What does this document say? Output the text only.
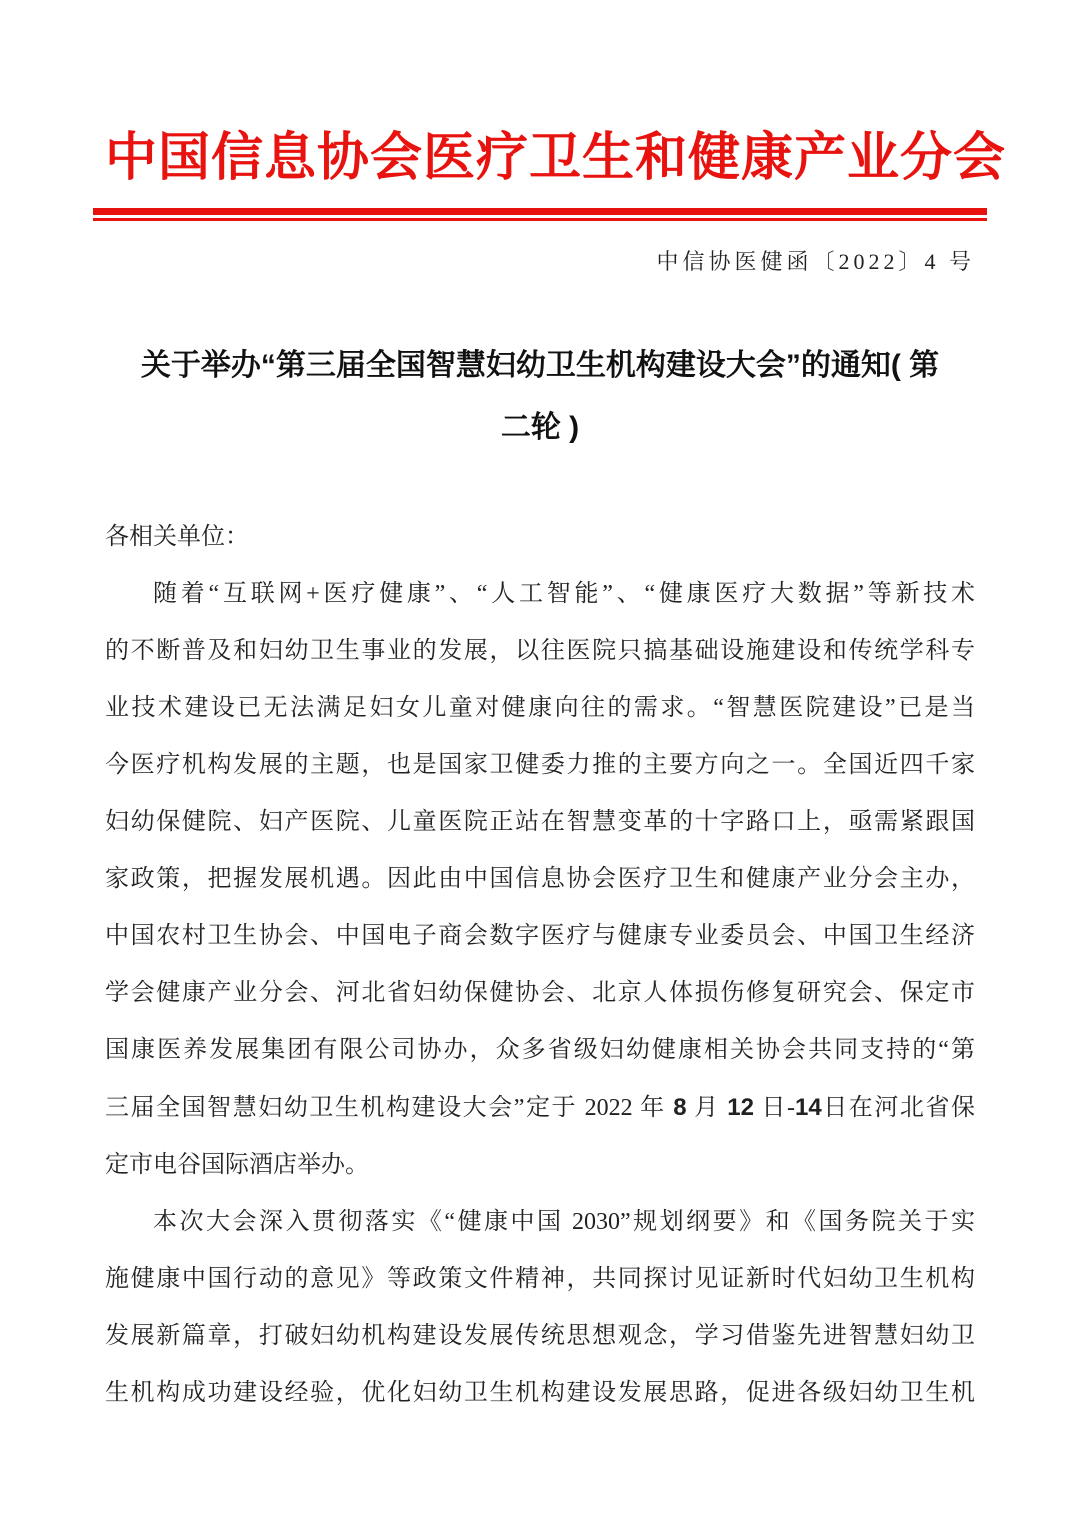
中国信息协会医疗卫生和健康产业分会
中信协医健函〔2022〕4 号
关于举办“第三届全国智慧妇幼卫生机构建设大会”的通知( 第
二轮 )
各相关单位：
随着“互联网+医疗健康”、“人工智能”、“健康医疗大数据”等新技术
的不断普及和妇幼卫生事业的发展，以往医院只搞基础设施建设和传统学科专
业技术建设已无法满足妇女儿童对健康向往的需求。“智慧医院建设”已是当
今医疗机构发展的主题，也是国家卫健委力推的主要方向之一。全国近四千家
妇幼保健院、妇产医院、儿童医院正站在智慧变革的十字路口上，亟需紧跟国
家政策，把握发展机遇。因此由中国信息协会医疗卫生和健康产业分会主办，
中国农村卫生协会、中国电子商会数字医疗与健康专业委员会、中国卫生经济
学会健康产业分会、河北省妇幼保健协会、北京人体损伤修复研究会、保定市
国康医养发展集团有限公司协办，众多省级妇幼健康相关协会共同支持的“第
三届全国智慧妇幼卫生机构建设大会”定于 2022 年 8 月 12 日-14日在河北省保
定市电谷国际酒店举办。
本次大会深入贯彻落实《“健康中国 2030”规划纲要》和《国务院关于实
施健康中国行动的意见》等政策文件精神，共同探讨见证新时代妇幼卫生机构
发展新篇章，打破妇幼机构建设发展传统思想观念，学习借鉴先进智慧妇幼卫
生机构成功建设经验，优化妇幼卫生机构建设发展思路，促进各级妇幼卫生机
